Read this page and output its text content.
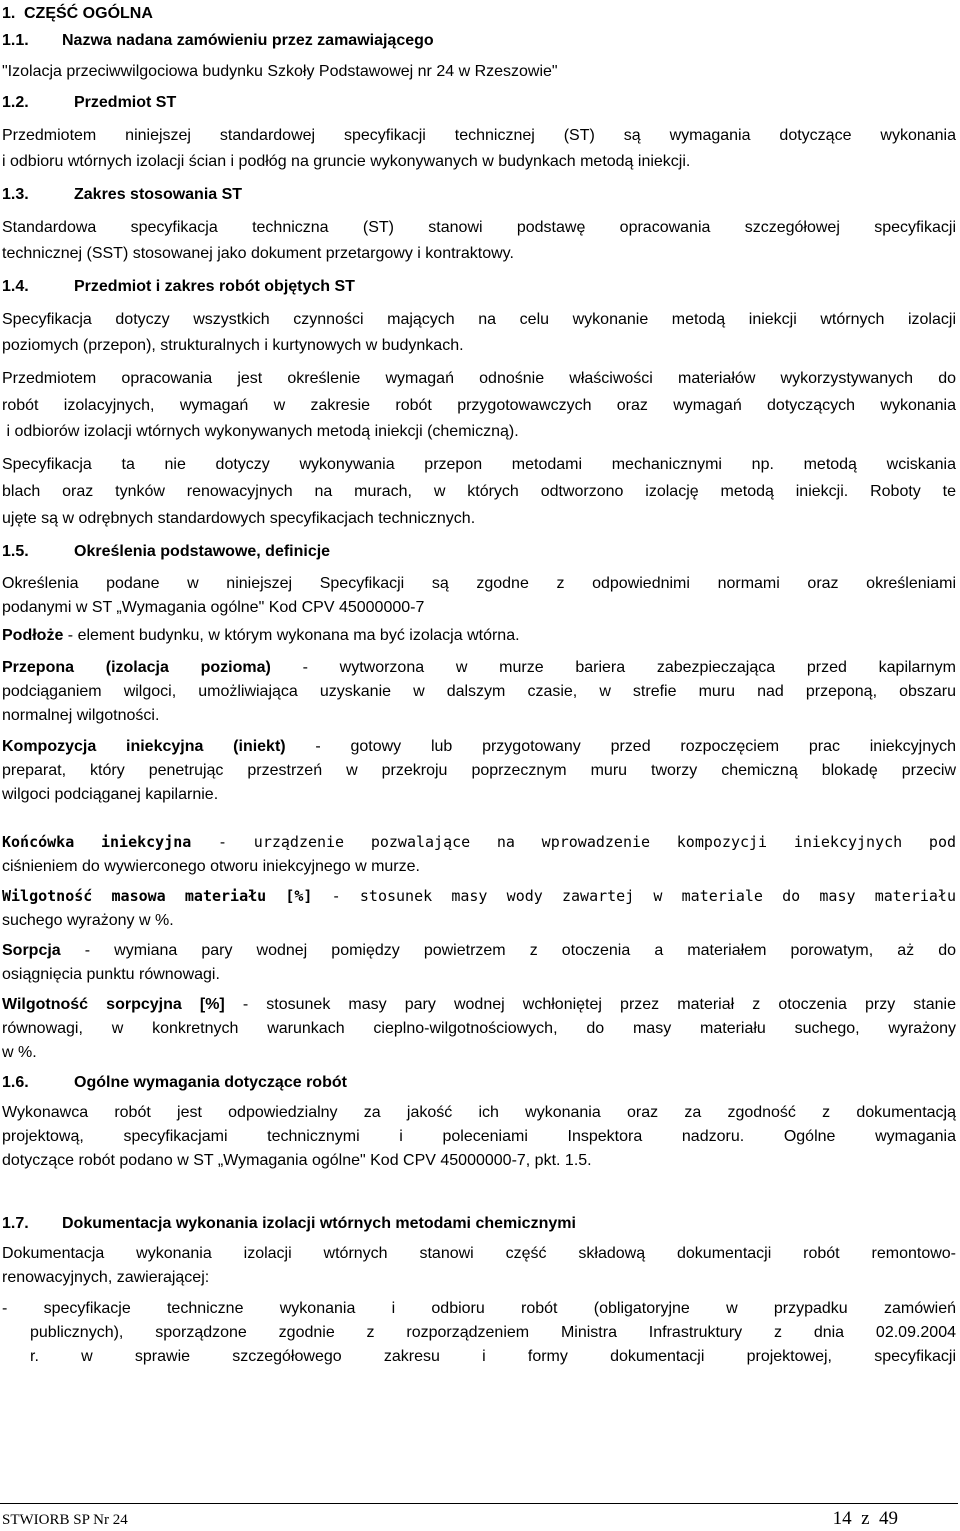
1. CZĘŚĆ OGÓLNA
1.1. Nazwa nadana zamówieniu przez zamawiającego
"Izolacja przeciwwilgociowa budynku Szkoły Podstawowej nr 24 w Rzeszowie"
1.2.	Przedmiot ST
Przedmiotem niniejszej standardowej specyfikacji technicznej (ST) są wymagania dotyczące wykonania
i odbioru wtórnych izolacji ścian i podłóg na gruncie wykonywanych w budynkach metodą iniekcji.
1.3.	Zakres stosowania ST
Standardowa specyfikacja techniczna (ST) stanowi podstawę opracowania szczegółowej specyfikacji
technicznej (SST) stosowanej jako dokument przetargowy i kontraktowy.
1.4.	Przedmiot i zakres robót objętych ST
Specyfikacja dotyczy wszystkich czynności mających na celu wykonanie metodą iniekcji wtórnych izolacji
poziomych (przepon), strukturalnych i kurtynowych w budynkach.
Przedmiotem opracowania jest określenie wymagań odnośnie właściwości materiałów wykorzystywanych do
robót izolacyjnych, wymagań w zakresie robót przygotowawczych oraz wymagań dotyczących wykonania
i odbiorów izolacji wtórnych wykonywanych metodą iniekcji (chemiczną).
Specyfikacja ta nie dotyczy wykonywania przepon metodami mechanicznymi np. metodą wciskania
blach oraz tynków renowacyjnych na murach, w których odtworzono izolację metodą iniekcji. Roboty te
ujęte są w odrębnych standardowych specyfikacjach technicznych.
1.5.	Określenia podstawowe, definicje
Określenia podane w niniejszej Specyfikacji są zgodne z odpowiednimi normami oraz określeniami
podanymi w ST „Wymagania ogólne" Kod CPV 45000000-7
Podłoże - element budynku, w którym wykonana ma być izolacja wtórna.
Przepona (izolacja pozioma) - wytworzona w murze bariera zabezpieczająca przed kapilarnym
podciąganiem wilgoci, umożliwiająca uzyskanie w dalszym czasie, w strefie muru nad przeponą, obszaru
normalnej wilgotności.
Kompozycja iniekcyjna (iniekt) - gotowy lub przygotowany przed rozpoczęciem prac iniekcyjnych
preparat, który penetrując przestrzeń w przekroju poprzecznym muru tworzy chemiczną blokadę przeciw
wilgoci podciąganej kapilarnie.
Końcówka iniekcyjna - urządzenie pozwalające na wprowadzenie kompozycji iniekcyjnych pod
ciśnieniem do wywierconego otworu iniekcyjnego w murze.
Wilgotność masowa materiału [%] - stosunek masy wody zawartej w materiale do masy materiału
suchego wyrażony w %.
Sorpcja - wymiana pary wodnej pomiędzy powietrzem z otoczenia a materiałem porowatym, aż do
osiągnięcia punktu równowagi.
Wilgotność sorpcyjna [%] - stosunek masy pary wodnej wchłoniętej przez materiał z otoczenia przy stanie
równowagi, w konkretnych warunkach cieplno-wilgotnościowych, do masy materiału suchego, wyrażony
w %.
1.6.	Ogólne wymagania dotyczące robót
Wykonawca robót jest odpowiedzialny za jakość ich wykonania oraz za zgodność z dokumentacją
projektową, specyfikacjami technicznymi i poleceniami Inspektora nadzoru. Ogólne wymagania
dotyczące robót podano w ST „Wymagania ogólne" Kod CPV 45000000-7, pkt. 1.5.
1.7. Dokumentacja wykonania izolacji wtórnych metodami chemicznymi
Dokumentacja wykonania izolacji wtórnych stanowi część składową dokumentacji robót remontowo-
renowacyjnych, zawierającej:
- specyfikacje techniczne wykonania i odbioru robót (obligatoryjne w przypadku zamówień
publicznych), sporządzone zgodnie z rozporządzeniem Ministra Infrastruktury z dnia 02.09.2004
r. w sprawie szczegółowego zakresu i formy dokumentacji projektowej, specyfikacji
STWIORB SP Nr 24	14  z  49
